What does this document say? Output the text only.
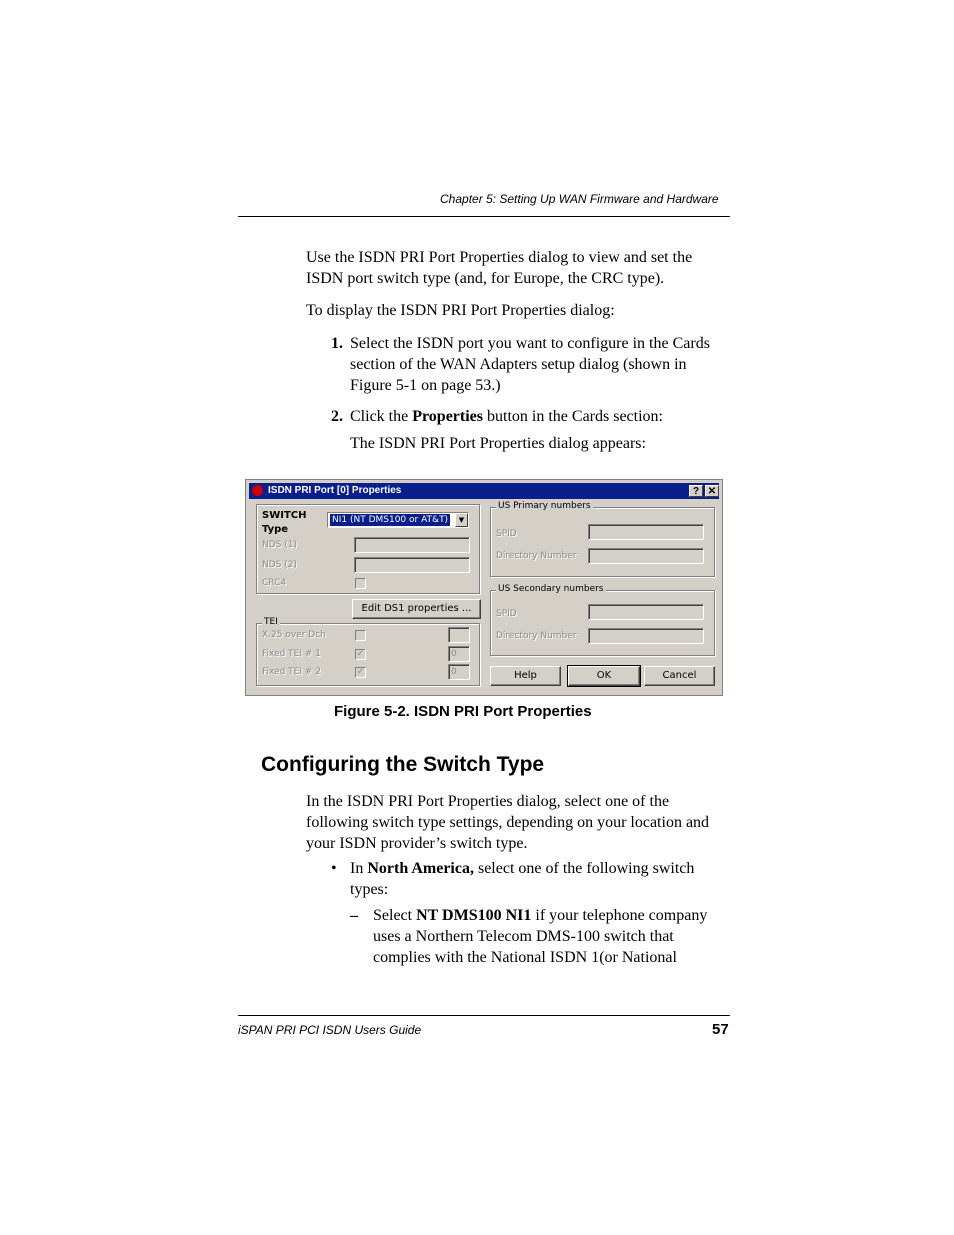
Chapter 5: Setting Up WAN Firmware and Hardware
Use the ISDN PRI Port Properties dialog to view and set the
ISDN port switch type (and, for Europe, the CRC type).
To display the ISDN PRI Port Properties dialog:
1. Select the ISDN port you want to configure in the Cards
section of the WAN Adapters setup dialog (shown in
Figure 5-1 on page 53.)
2. Click the Properties button in the Cards section:
The ISDN PRI Port Properties dialog appears:
ISDN PRI Port [0] Properties	? ✕
SWITCH
Type
NI1 (NT DMS100 or AT&T)	▼
NDS (1)
NDS (2)
CRC4
Edit DS1 properties ...
TEI
X.25 over Dch
Fixed TEI # 1	✓	0
Fixed TEI # 2	✓	0
US Primary numbers
SPID
Directory Number
US Secondary numbers
SPID
Directory Number
Help	OK	Cancel
Figure 5-2. ISDN PRI Port Properties
Configuring the Switch Type
In the ISDN PRI Port Properties dialog, select one of the
following switch type settings, depending on your location and
your ISDN provider’s switch type.
• In North America, select one of the following switch
types:
– Select NT DMS100 NI1 if your telephone company
uses a Northern Telecom DMS-100 switch that
complies with the National ISDN 1(or National
iSPAN PRI PCI ISDN Users Guide	57
